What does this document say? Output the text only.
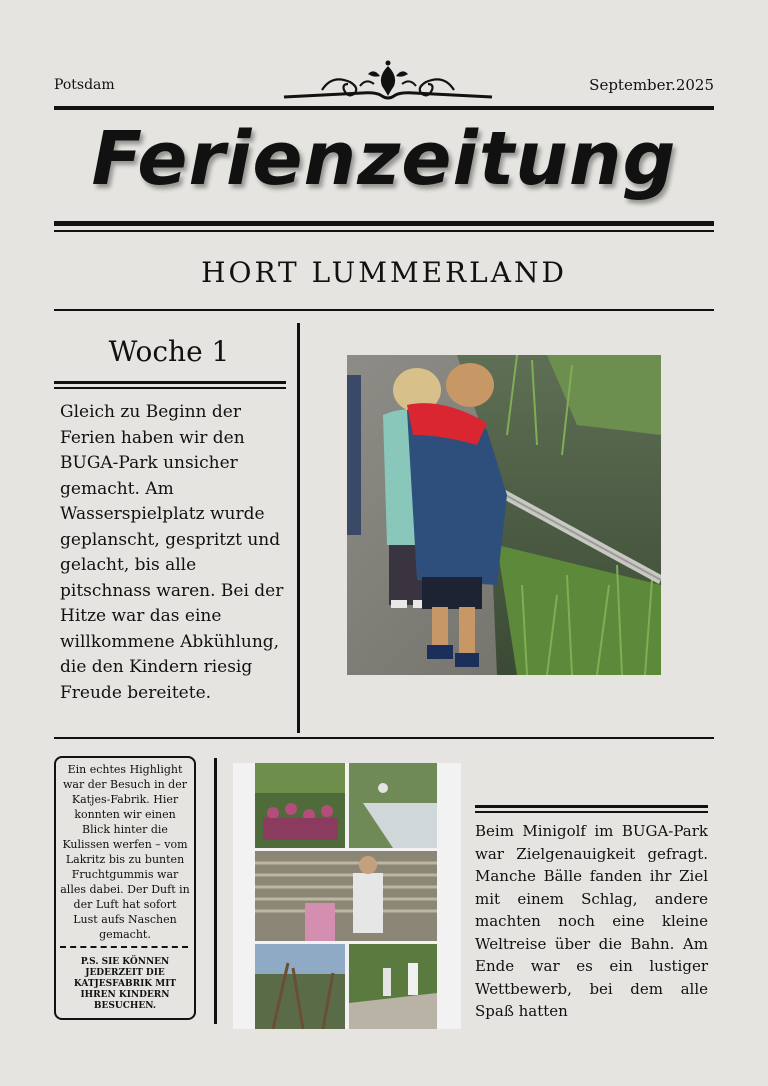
Potsdam	September.2025
Ferienzeitung
HORT LUMMERLAND
Woche 1
Gleich zu Beginn der Ferien haben wir den BUGA-Park unsicher gemacht. Am Wasserspielplatz wurde geplanscht, gespritzt und gelacht, bis alle pitschnass waren. Bei der Hitze war das eine willkommene Abkühlung, die den Kindern riesig Freude bereitete.
Ein echtes Highlight war der Besuch in der Katjes-Fabrik. Hier konnten wir einen Blick hinter die Kulissen werfen – vom Lakritz bis zu bunten Fruchtgummis war alles dabei. Der Duft in der Luft hat sofort Lust aufs Naschen gemacht.
P.S. SIE KÖNNEN JEDERZEIT DIE KATJESFABRIK MIT IHREN KINDERN BESUCHEN.
Beim Minigolf im BUGA-Park war Zielgenauigkeit gefragt. Manche Bälle fanden ihr Ziel mit einem Schlag, andere machten noch eine kleine Weltreise über die Bahn. Am Ende war es ein lustiger Wettbewerb, bei dem alle Spaß hatten
